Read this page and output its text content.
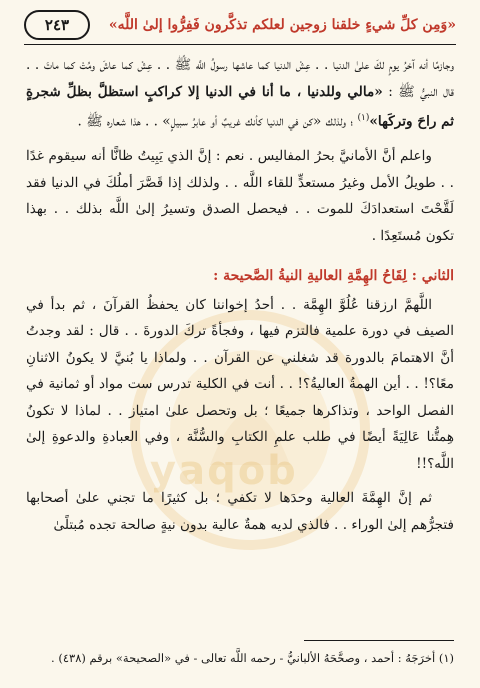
٢٤٣	«وَمِن كلِّ شيءٍ خلقنا زوجين لعلكم تذكَّرون فَفِرُّوا إلىٰ اللَّه»
yaqob

وجازمًا أنه آخرُ يومٍ لكَ علىٰ الدنيا . . عِشْ الدنيا كما عاشها رسولُ اللَّه ﷺ . . عِشْ كما عاشَ ومُتْ كما ماتَ . . قال النبيُّ ﷺ : «مالي وللدنيا ، ما أنا في الدنيا إلا كراكبٍ استظلَّ بظلِّ شجرةٍ ثم راحَ وتركَها»$^{(١)}$ ؛ ولذلك «كن في الدنيا كأنك غريبٌ أو عابرُ سبيلٍ» . . هذا شعاره ﷺ .

واعلم أنَّ الأمانيَّ بحرُ المفاليس . نعم : إنَّ الذي يَبِيتُ ظانًّا أنه سيقوم غدًا . . طويلُ الأمل وغيرُ مستعدٍّ للقاء اللَّه . . ولذلك إذا قَصَّرَ أملُكَ في الدنيا فقد لَقَّحْتَ استعدادَكَ للموت . . فيحصل الصدق وتسيرُ إلىٰ اللَّه بذلك . . بهذا تكون مُستَعِدًا .

الثاني : لِقَاحُ الهِمَّةِ العاليةِ النيةُ الصَّحيحة :

اللَّهمَّ ارزقنا عُلُوَّ الهِمَّة . . أحدُ إخواننا كان يحفظُ القرآنَ ، ثم بدأ في الصيف في دورة علمية فالتزم فيها ، وفجأةً تركَ الدورةَ . . قال : لقد وجدتُ أنَّ الاهتمامَ بالدورة قد شغلني عن القرآن . . ولماذا يا بُنيَّ لا يكونُ الاثنانِ معًا؟! . . أين الهمةُ العاليةُ؟! . . أنت في الكلية تدرس ست مواد أو ثمانية في الفصل الواحد ، وتذاكرها جميعًا ؛ بل وتحصل علىٰ امتياز . . لماذا لا تكونُ هِمتُّنا عَالِيَةً أيضًا في طلب علمِ الكتابِ والسُّنَّة ، وفي العبادةِ والدعوةِ إلىٰ اللَّه؟!!

ثم إنَّ الهِمَّةَ العالية وحدَها لا تكفي ؛ بل كثيرًا ما تجني علىٰ أصحابها فتجرُّهم إلىٰ الوراء . . فالذي لديه همةٌ عالية بدون نيةٍ صالحة تجده مُبتلًىٰ

(١) أخرَجَهُ : أحمد ، وصحَّحَهُ الألبانيُّ - رحمه اللَّه تعالى - في «الصحيحة» برقم (٤٣٨) .
